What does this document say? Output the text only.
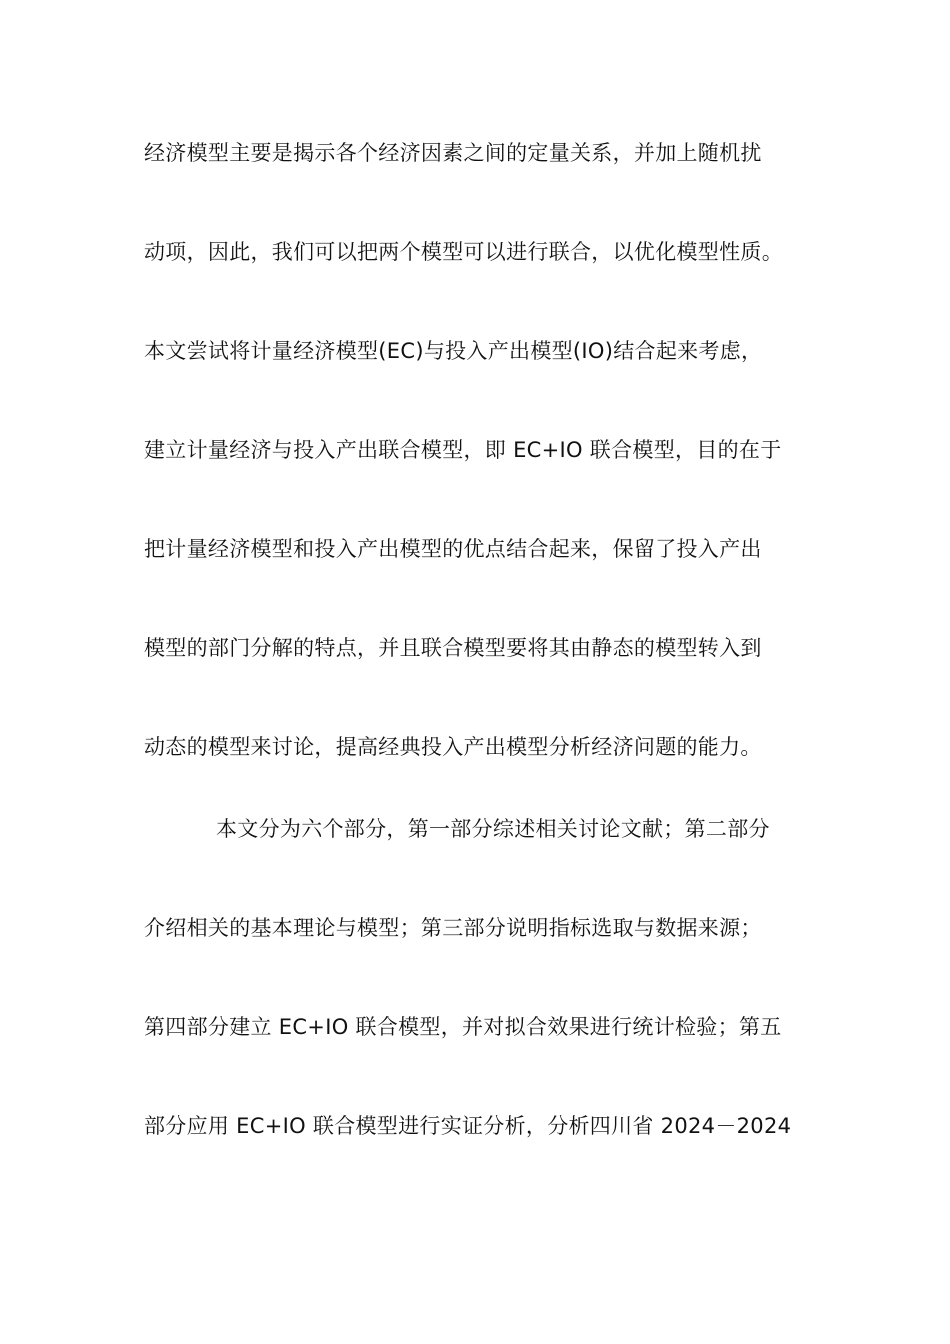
经济模型主要是揭示各个经济因素之间的定量关系，并加上随机扰
动项，因此，我们可以把两个模型可以进行联合，以优化模型性质。
本文尝试将计量经济模型(EC)与投入产出模型(IO)结合起来考虑，
建立计量经济与投入产出联合模型，即 EC+IO 联合模型，目的在于
把计量经济模型和投入产出模型的优点结合起来，保留了投入产出
模型的部门分解的特点，并且联合模型要将其由静态的模型转入到
动态的模型来讨论，提高经典投入产出模型分析经济问题的能力。
本文分为六个部分，第一部分综述相关讨论文献；第二部分
介绍相关的基本理论与模型；第三部分说明指标选取与数据来源；
第四部分建立 EC+IO 联合模型，并对拟合效果进行统计检验；第五
部分应用 EC+IO 联合模型进行实证分析，分析四川省 2024－2024
